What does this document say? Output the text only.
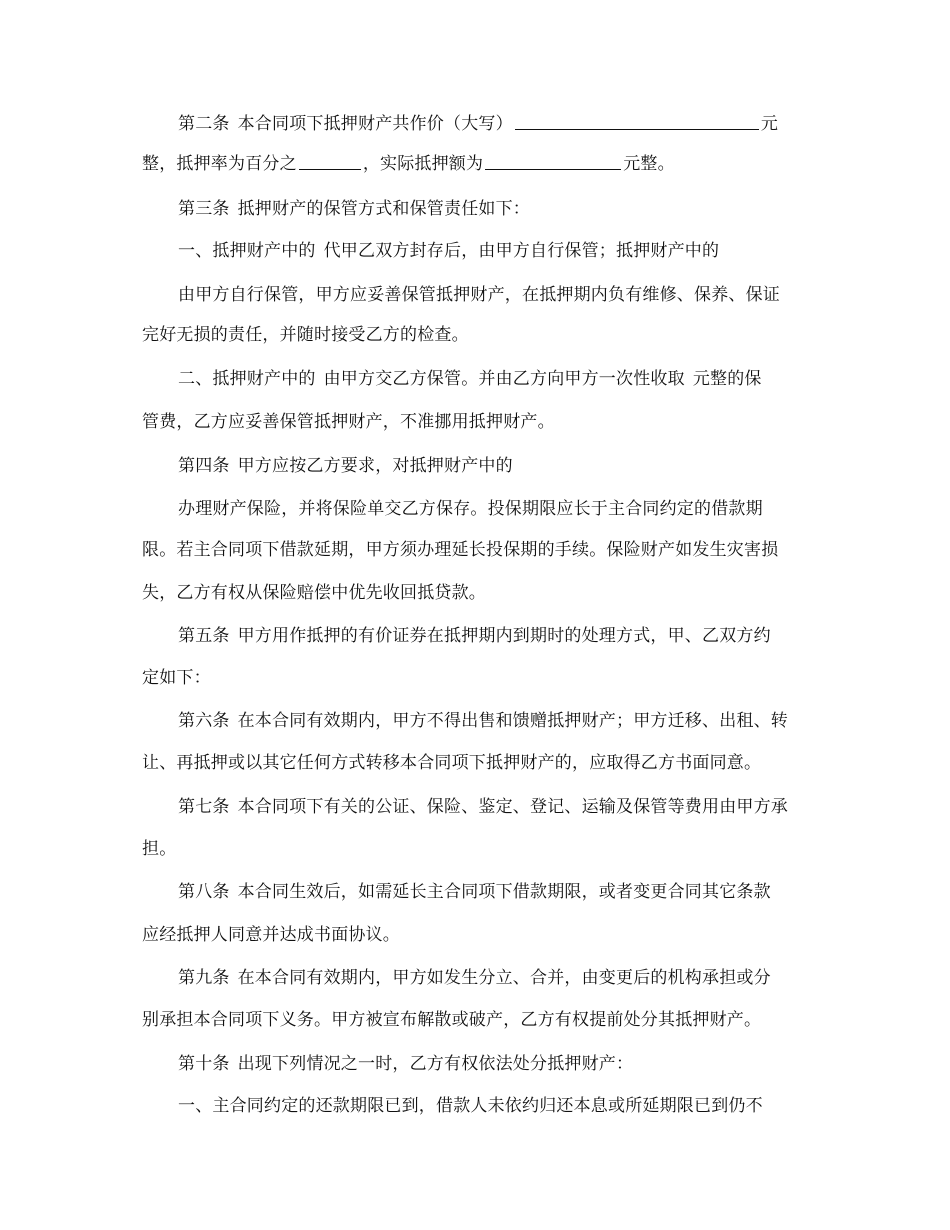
第二条 本合同项下抵押财产共作价（大写）	元
整，抵押率为百分之	，实际抵押额为	元整。
第三条 抵押财产的保管方式和保管责任如下：
一、抵押财产中的 代甲乙双方封存后，由甲方自行保管；抵押财产中的
由甲方自行保管，甲方应妥善保管抵押财产，在抵押期内负有维修、保养、保证
完好无损的责任，并随时接受乙方的检查。
二、抵押财产中的 由甲方交乙方保管。并由乙方向甲方一次性收取 元整的保
管费，乙方应妥善保管抵押财产，不准挪用抵押财产。
第四条 甲方应按乙方要求，对抵押财产中的
办理财产保险，并将保险单交乙方保存。投保期限应长于主合同约定的借款期
限。若主合同项下借款延期，甲方须办理延长投保期的手续。保险财产如发生灾害损
失，乙方有权从保险赔偿中优先收回抵贷款。
第五条 甲方用作抵押的有价证券在抵押期内到期时的处理方式，甲、乙双方约
定如下：
第六条 在本合同有效期内，甲方不得出售和馈赠抵押财产；甲方迁移、出租、转
让、再抵押或以其它任何方式转移本合同项下抵押财产的，应取得乙方书面同意。
第七条 本合同项下有关的公证、保险、鉴定、登记、运输及保管等费用由甲方承
担。
第八条 本合同生效后，如需延长主合同项下借款期限，或者变更合同其它条款
应经抵押人同意并达成书面协议。
第九条 在本合同有效期内，甲方如发生分立、合并，由变更后的机构承担或分
别承担本合同项下义务。甲方被宣布解散或破产，乙方有权提前处分其抵押财产。
第十条 出现下列情况之一时，乙方有权依法处分抵押财产：
一、主合同约定的还款期限已到，借款人未依约归还本息或所延期限已到仍不
